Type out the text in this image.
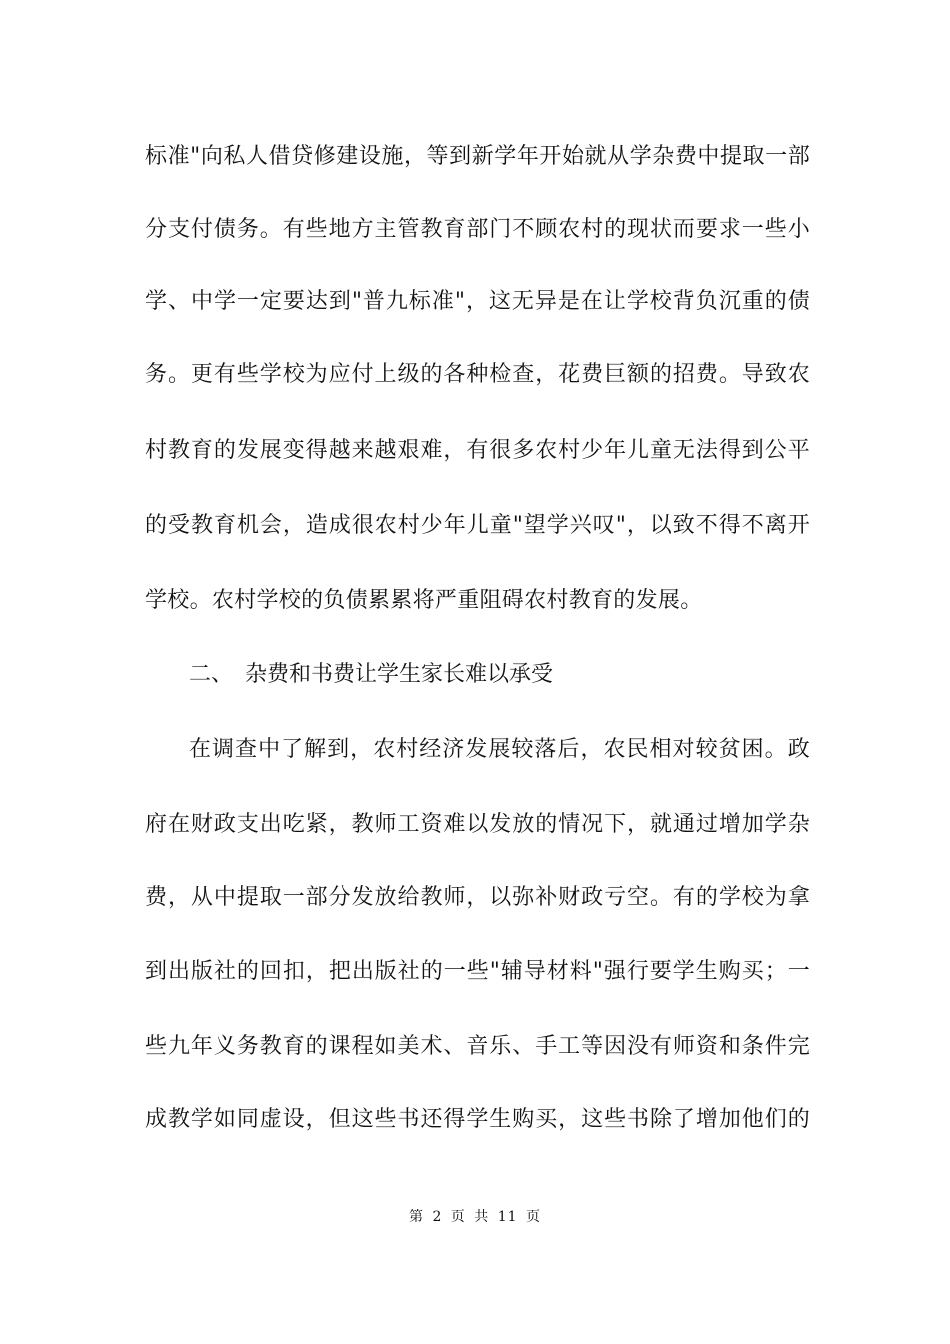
标准"向私人借贷修建设施，等到新学年开始就从学杂费中提取一部
分支付债务。有些地方主管教育部门不顾农村的现状而要求一些小
学、中学一定要达到"普九标准"，这无异是在让学校背负沉重的债
务。更有些学校为应付上级的各种检查，花费巨额的招费。导致农
村教育的发展变得越来越艰难，有很多农村少年儿童无法得到公平
的受教育机会，造成很农村少年儿童"望学兴叹"，以致不得不离开
学校。农村学校的负债累累将严重阻碍农村教育的发展。
二、 杂费和书费让学生家长难以承受
在调查中了解到，农村经济发展较落后，农民相对较贫困。政
府在财政支出吃紧，教师工资难以发放的情况下，就通过增加学杂
费，从中提取一部分发放给教师，以弥补财政亏空。有的学校为拿
到出版社的回扣，把出版社的一些"辅导材料"强行要学生购买；一
些九年义务教育的课程如美术、音乐、手工等因没有师资和条件完
成教学如同虚设，但这些书还得学生购买，这些书除了增加他们的
第 2 页 共 11 页
